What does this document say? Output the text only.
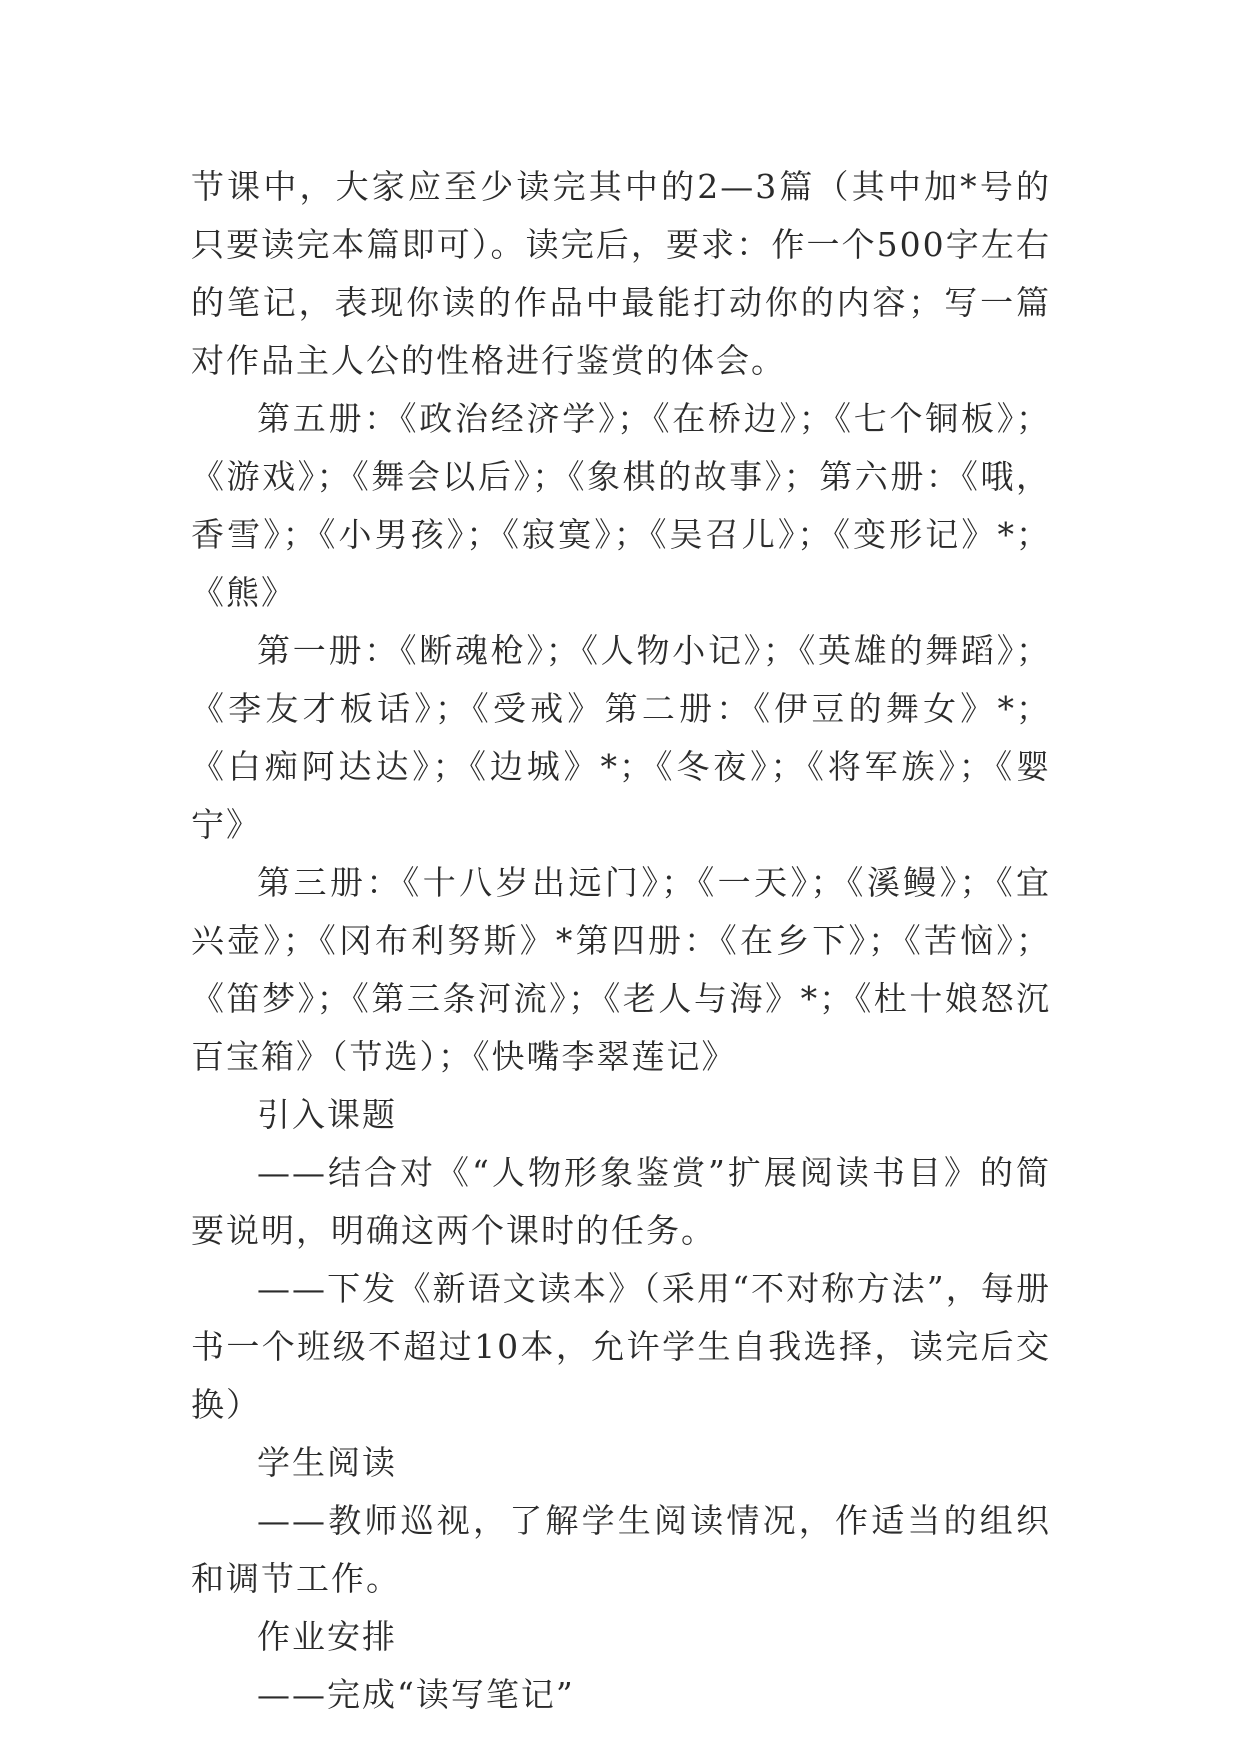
节课中，大家应至少读完其中的2—3篇（其中加*号的只要读完本篇即可）。读完后，要求：作一个500字左右的笔记，表现你读的作品中最能打动你的内容；写一篇对作品主人公的性格进行鉴赏的体会。

第五册：《政治经济学》；《在桥边》；《七个铜板》；《游戏》；《舞会以后》；《象棋的故事》；第六册：《哦，香雪》；《小男孩》；《寂寞》；《吴召儿》；《变形记》*；《熊》

第一册：《断魂枪》；《人物小记》；《英雄的舞蹈》；《李友才板话》；《受戒》第二册：《伊豆的舞女》*；《白痴阿达达》；《边城》*；《冬夜》；《将军族》；《婴宁》

第三册：《十八岁出远门》；《一天》；《溪鳗》；《宜兴壶》；《冈布利努斯》*第四册：《在乡下》；《苦恼》；《笛梦》；《第三条河流》；《老人与海》*；《杜十娘怒沉百宝箱》（节选）；《快嘴李翠莲记》

引入课题

——结合对《“人物形象鉴赏”扩展阅读书目》的简要说明，明确这两个课时的任务。

——下发《新语文读本》（采用“不对称方法”，每册书一个班级不超过10本，允许学生自我选择，读完后交换）

学生阅读

——教师巡视，了解学生阅读情况，作适当的组织和调节工作。

作业安排

——完成“读写笔记”
